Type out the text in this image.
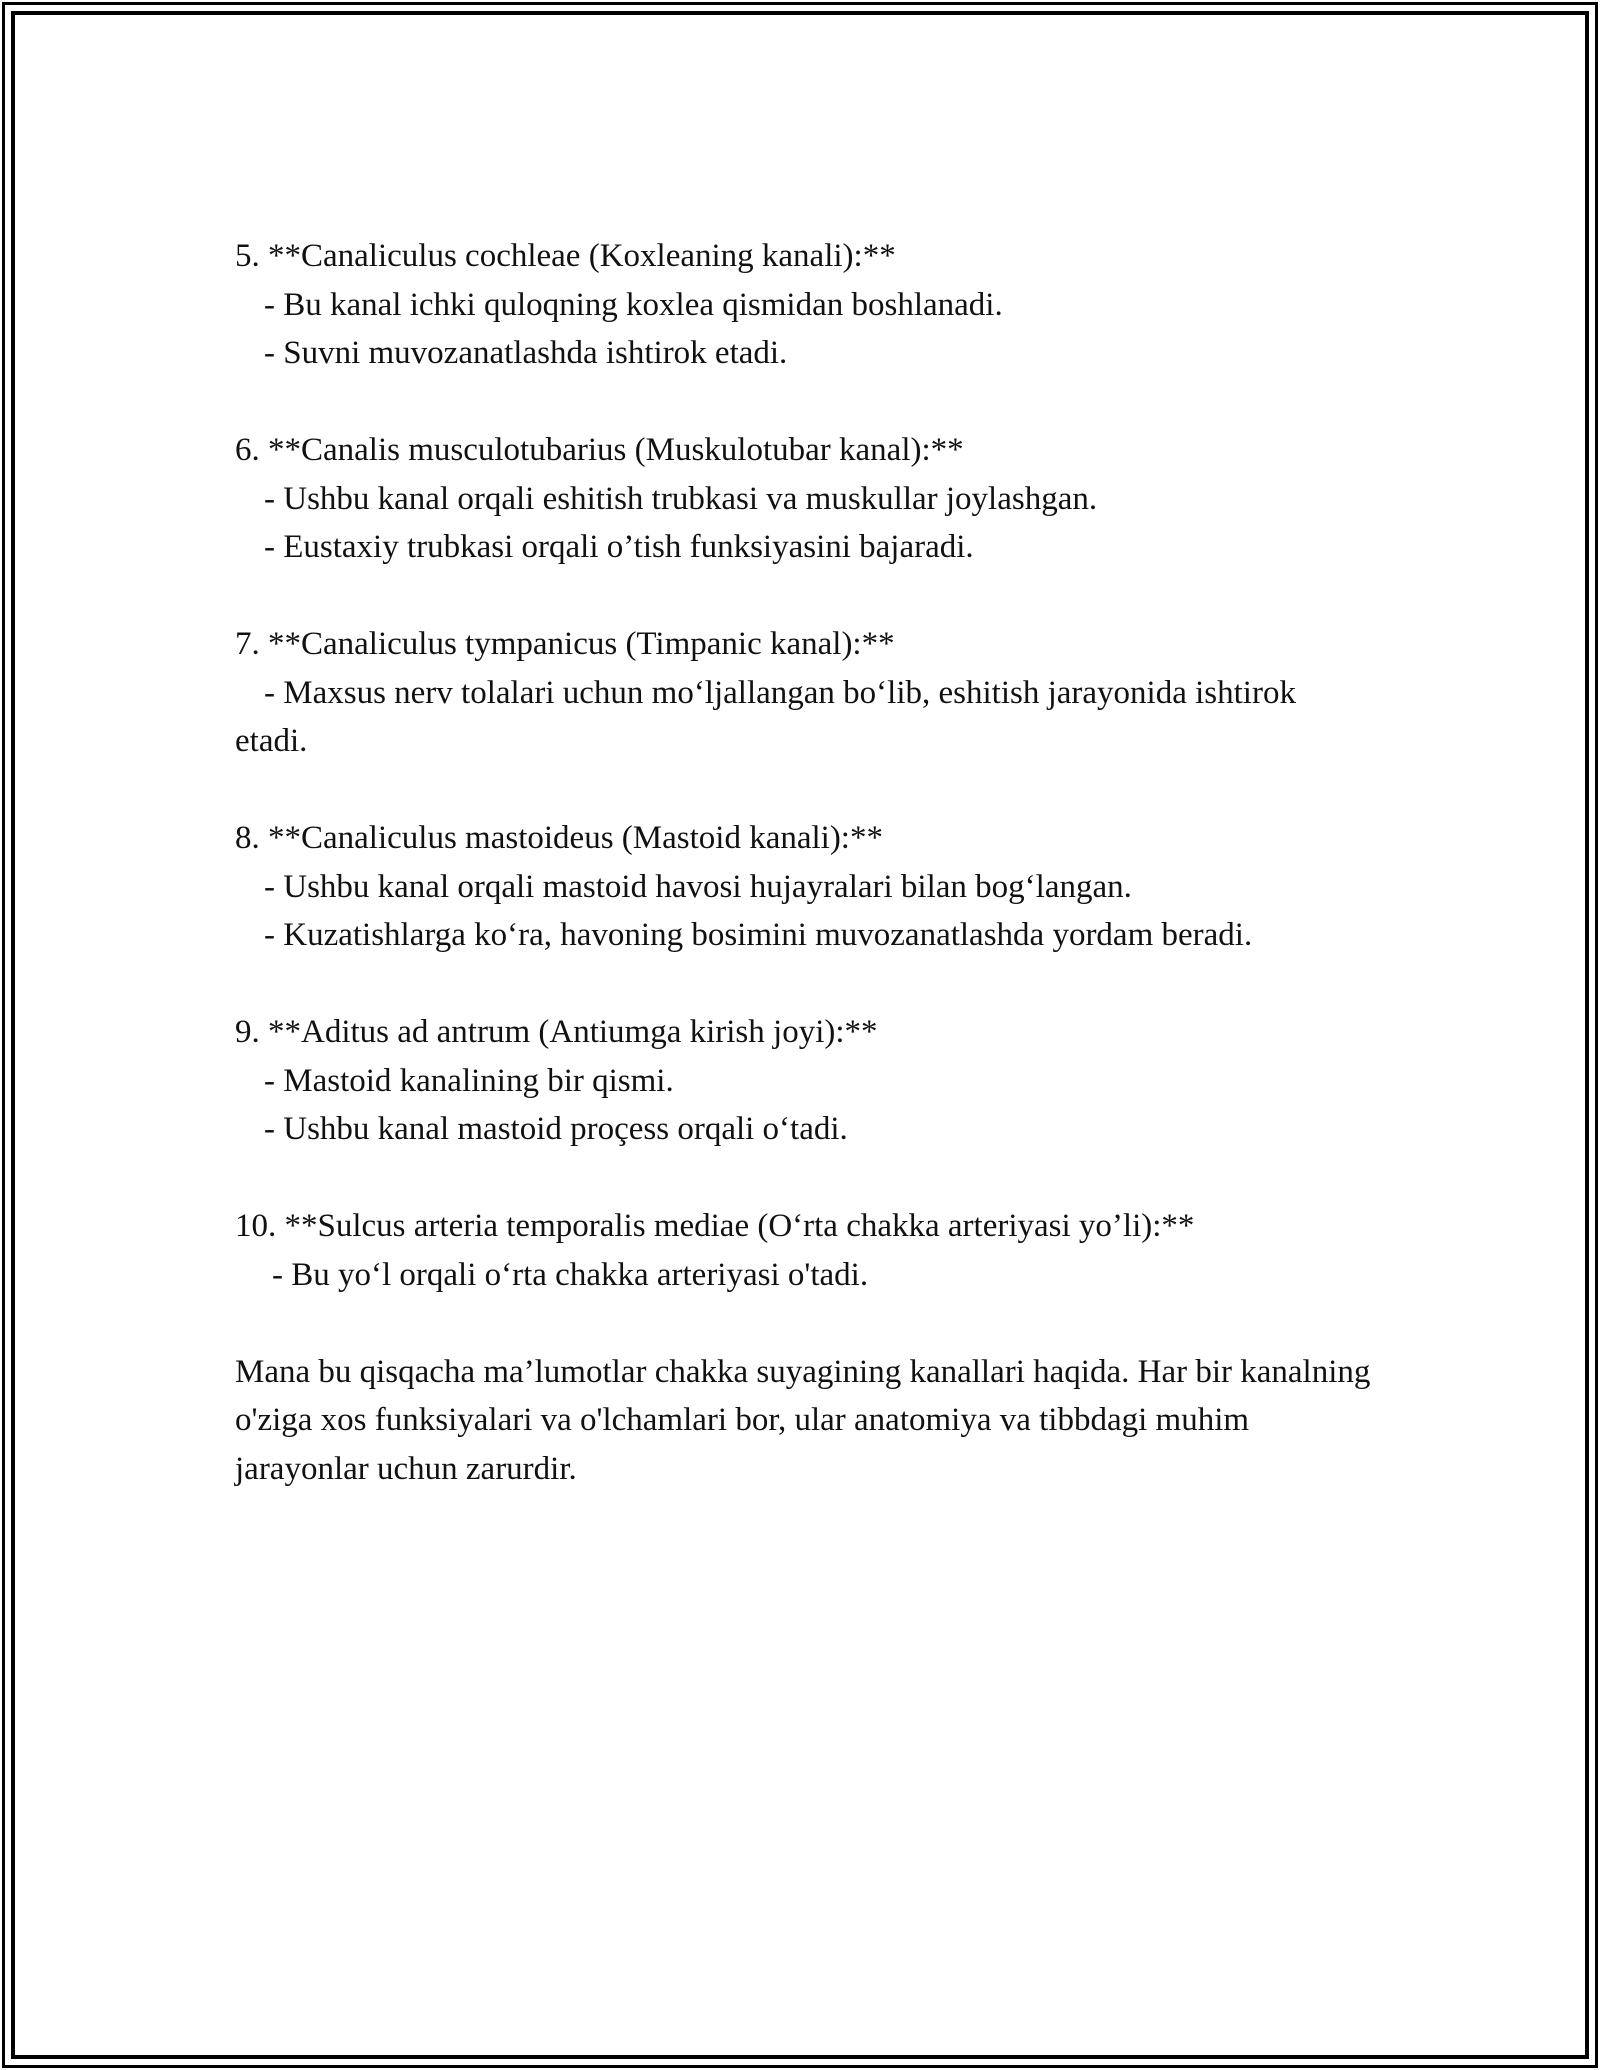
5. **Canaliculus cochleae (Koxleaning kanali):**
- Bu kanal ichki quloqning koxlea qismidan boshlanadi.
- Suvni muvozanatlashda ishtirok etadi.
6. **Canalis musculotubarius (Muskulotubar kanal):**
- Ushbu kanal orqali eshitish trubkasi va muskullar joylashgan.
- Eustaxiy trubkasi orqali o’tish funksiyasini bajaradi.
7. **Canaliculus tympanicus (Timpanic kanal):**
- Maxsus nerv tolalari uchun mo‘ljallangan bo‘lib, eshitish jarayonida ishtirok etadi.
8. **Canaliculus mastoideus (Mastoid kanali):**
- Ushbu kanal orqali mastoid havosi hujayralari bilan bog‘langan.
- Kuzatishlarga ko‘ra, havoning bosimini muvozanatlashda yordam beradi.
9. **Aditus ad antrum (Antiumga kirish joyi):**
- Mastoid kanalining bir qismi.
- Ushbu kanal mastoid proçess orqali o‘tadi.
10. **Sulcus arteria temporalis mediae (O‘rta chakka arteriyasi yo’li):**
- Bu yo‘l orqali o‘rta chakka arteriyasi o'tadi.
Mana bu qisqacha ma’lumotlar chakka suyagining kanallari haqida. Har bir kanalning o'ziga xos funksiyalari va o'lchamlari bor, ular anatomiya va tibbdagi muhim jarayonlar uchun zarurdir.
